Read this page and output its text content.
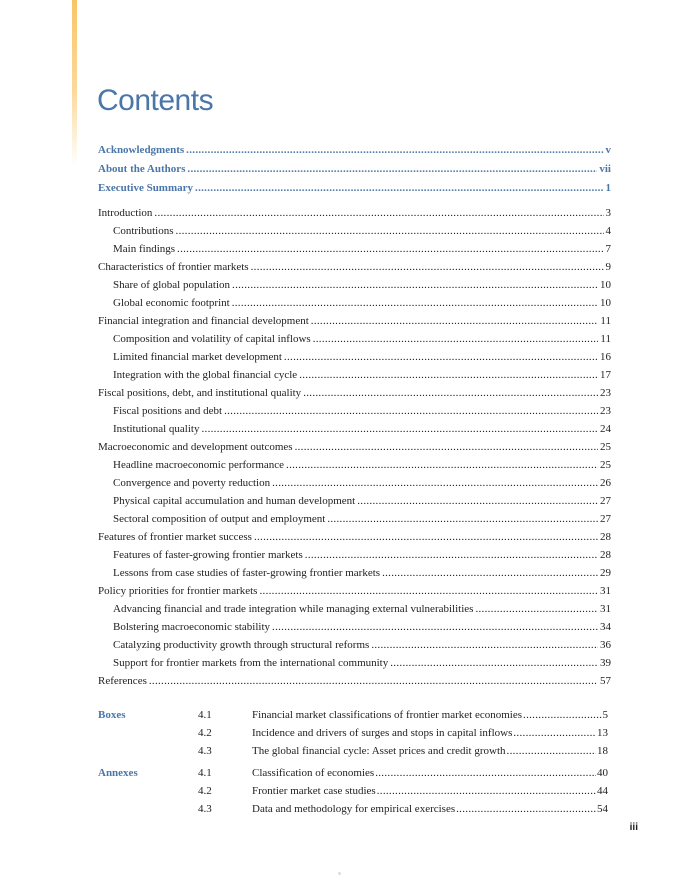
Contents
Acknowledgments .....	v
About the Authors .....	vii
Executive Summary .....	1
Introduction .....	3
Contributions .....	4
Main findings .....	7
Characteristics of frontier markets .....	9
Share of global population .....	10
Global economic footprint .....	10
Financial integration and financial development .....	11
Composition and volatility of capital inflows .....	11
Limited financial market development .....	16
Integration with the global financial cycle .....	17
Fiscal positions, debt, and institutional quality .....	23
Fiscal positions and debt .....	23
Institutional quality .....	24
Macroeconomic and development outcomes .....	25
Headline macroeconomic performance .....	25
Convergence and poverty reduction .....	26
Physical capital accumulation and human development .....	27
Sectoral composition of output and employment .....	27
Features of frontier market success .....	28
Features of faster-growing frontier markets .....	28
Lessons from case studies of faster-growing frontier markets .....	29
Policy priorities for frontier markets .....	31
Advancing financial and trade integration while managing external vulnerabilities .....	31
Bolstering macroeconomic stability .....	34
Catalyzing productivity growth through structural reforms .....	36
Support for frontier markets from the international community .....	39
References .....	57
Boxes	4.1	Financial market classifications of frontier market economies .....	5
4.2	Incidence and drivers of surges and stops in capital inflows .....	13
4.3	The global financial cycle: Asset prices and credit growth .....	18
Annexes	4.1	Classification of economies .....	40
4.2	Frontier market case studies .....	44
4.3	Data and methodology for empirical exercises .....	54
iii
